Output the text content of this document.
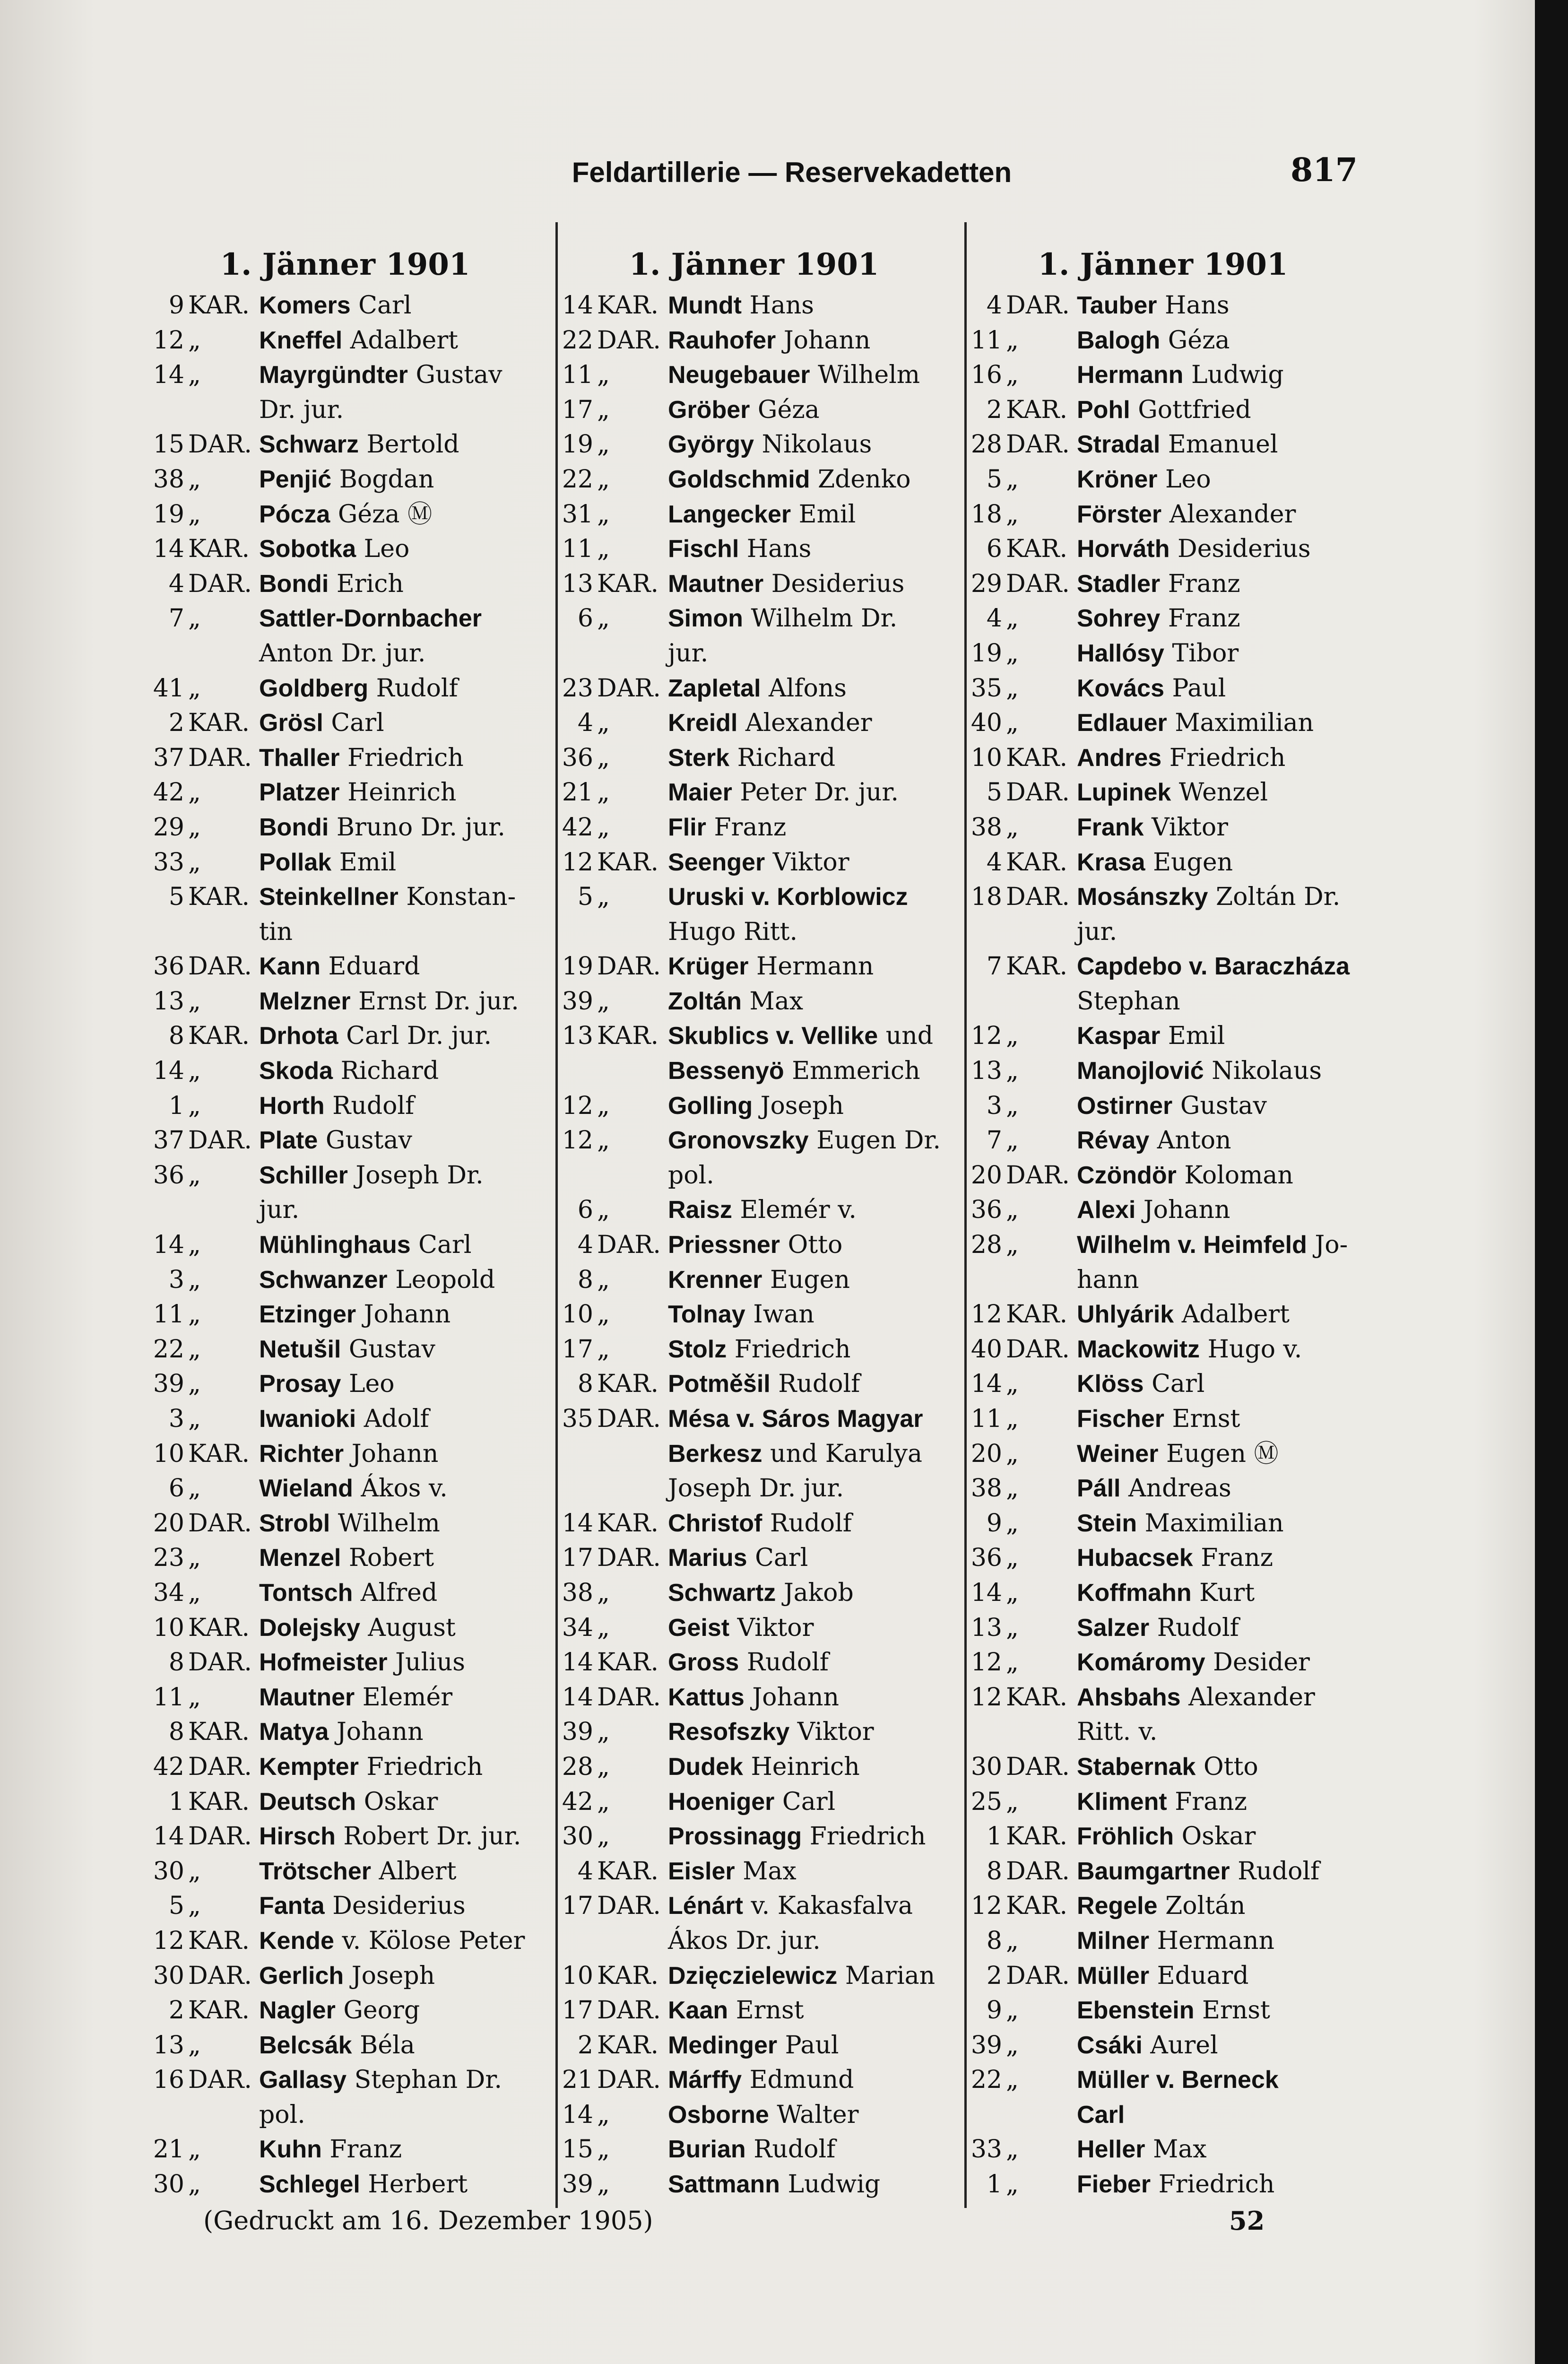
Feldartillerie — Reservekadetten	817
1. Jänner 1901
9 KAR. Komers Carl
12 „	Kneffel Adalbert
14 „	Mayrgündter Gustav
Dr. jur.
15 DAR. Schwarz Bertold
38 „	Penjić Bogdan
19 „	Pócza Géza Ⓜ
14 KAR. Sobotka Leo
4 DAR. Bondi Erich
7 „	Sattler-Dornbacher
Anton Dr. jur.
41 „	Goldberg Rudolf
2 KAR. Grösl Carl
37 DAR. Thaller Friedrich
42 „	Platzer Heinrich
29 „	Bondi Bruno Dr. jur.
33 „	Pollak Emil
5 KAR. Steinkellner Konstan-
tin
36 DAR. Kann Eduard
13 „	Melzner Ernst Dr. jur.
8 KAR. Drhota Carl Dr. jur.
14 „	Skoda Richard
1 „	Horth Rudolf
37 DAR. Plate Gustav
36 „	Schiller Joseph Dr.
jur.
14 „	Mühlinghaus Carl
3 „	Schwanzer Leopold
11 „	Etzinger Johann
22 „	Netušil Gustav
39 „	Prosay Leo
3 „	Iwanioki Adolf
10 KAR. Richter Johann
6 „	Wieland Ákos v.
20 DAR. Strobl Wilhelm
23 „	Menzel Robert
34 „	Tontsch Alfred
10 KAR. Dolejsky August
8 DAR. Hofmeister Julius
11 „	Mautner Elemér
8 KAR. Matya Johann
42 DAR. Kempter Friedrich
1 KAR. Deutsch Oskar
14 DAR. Hirsch Robert Dr. jur.
30 „	Trötscher Albert
5 „	Fanta Desiderius
12 KAR. Kende v. Kölose Peter
30 DAR. Gerlich Joseph
2 KAR. Nagler Georg
13 „	Belcsák Béla
16 DAR. Gallasy Stephan Dr.
pol.
21 „	Kuhn Franz
30 „	Schlegel Herbert
1. Jänner 1901
14 KAR. Mundt Hans
22 DAR. Rauhofer Johann
11 „	Neugebauer Wilhelm
17 „	Gröber Géza
19 „	György Nikolaus
22 „	Goldschmid Zdenko
31 „	Langecker Emil
11 „	Fischl Hans
13 KAR. Mautner Desiderius
6 „	Simon Wilhelm Dr.
jur.
23 DAR. Zapletal Alfons
4 „	Kreidl Alexander
36 „	Sterk Richard
21 „	Maier Peter Dr. jur.
42 „	Flir Franz
12 KAR. Seenger Viktor
5 „	Uruski v. Korblowicz
Hugo Ritt.
19 DAR. Krüger Hermann
39 „	Zoltán Max
13 KAR. Skublics v. Vellike und
Bessenyö Emmerich
12 „	Golling Joseph
12 „	Gronovszky Eugen Dr.
pol.
6 „	Raisz Elemér v.
4 DAR. Priessner Otto
8 „	Krenner Eugen
10 „	Tolnay Iwan
17 „	Stolz Friedrich
8 KAR. Potměšil Rudolf
35 DAR. Mésa v. Sáros Magyar
Berkesz und Karulya
Joseph Dr. jur.
14 KAR. Christof Rudolf
17 DAR. Marius Carl
38 „	Schwartz Jakob
34 „	Geist Viktor
14 KAR. Gross Rudolf
14 DAR. Kattus Johann
39 „	Resofszky Viktor
28 „	Dudek Heinrich
42 „	Hoeniger Carl
30 „	Prossinagg Friedrich
4 KAR. Eisler Max
17 DAR. Lénárt v. Kakasfalva
Ákos Dr. jur.
10 KAR. Dzięczielewicz Marian
17 DAR. Kaan Ernst
2 KAR. Medinger Paul
21 DAR. Márffy Edmund
14 „	Osborne Walter
15 „	Burian Rudolf
39 „	Sattmann Ludwig
1. Jänner 1901
4 DAR. Tauber Hans
11 „	Balogh Géza
16 „	Hermann Ludwig
2 KAR. Pohl Gottfried
28 DAR. Stradal Emanuel
5 „	Kröner Leo
18 „	Förster Alexander
6 KAR. Horváth Desiderius
29 DAR. Stadler Franz
4 „	Sohrey Franz
19 „	Hallósy Tibor
35 „	Kovács Paul
40 „	Edlauer Maximilian
10 KAR. Andres Friedrich
5 DAR. Lupinek Wenzel
38 „	Frank Viktor
4 KAR. Krasa Eugen
18 DAR. Mosánszky Zoltán Dr.
jur.
7 KAR. Capdebo v. Baraczháza
Stephan
12 „	Kaspar Emil
13 „	Manojlović Nikolaus
3 „	Ostirner Gustav
7 „	Révay Anton
20 DAR. Czöndör Koloman
36 „	Alexi Johann
28 „	Wilhelm v. Heimfeld Jo-
hann
12 KAR. Uhlyárik Adalbert
40 DAR. Mackowitz Hugo v.
14 „	Klöss Carl
11 „	Fischer Ernst
20 „	Weiner Eugen Ⓜ
38 „	Páll Andreas
9 „	Stein Maximilian
36 „	Hubacsek Franz
14 „	Koffmahn Kurt
13 „	Salzer Rudolf
12 „	Komáromy Desider
12 KAR. Ahsbahs Alexander
Ritt. v.
30 DAR. Stabernak Otto
25 „	Kliment Franz
1 KAR. Fröhlich Oskar
8 DAR. Baumgartner Rudolf
12 KAR. Regele Zoltán
8 „	Milner Hermann
2 DAR. Müller Eduard
9 „	Ebenstein Ernst
39 „	Csáki Aurel
22 „	Müller v. Berneck
Carl
33 „	Heller Max
1 „	Fieber Friedrich
(Gedruckt am 16. Dezember 1905)	52
